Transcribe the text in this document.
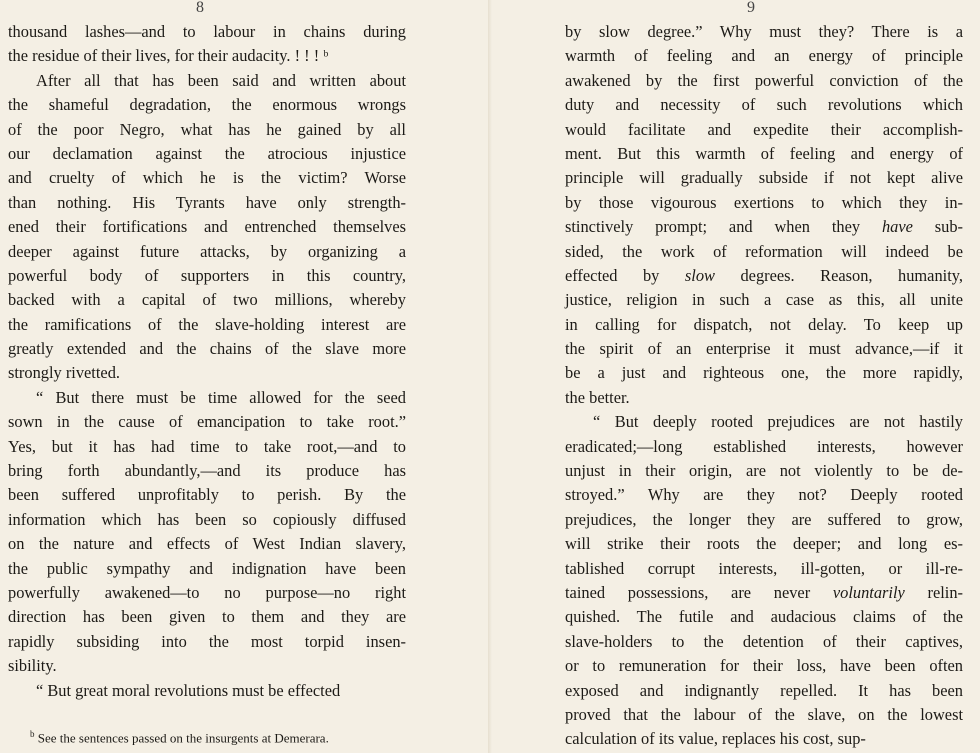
8
thousand lashes—and to labour in chains during
the residue of their lives, for their audacity. ! ! ! ᵇ
After all that has been said and written about
the shameful degradation, the enormous wrongs
of the poor Negro, what has he gained by all
our declamation against the atrocious injustice
and cruelty of which he is the victim? Worse
than nothing. His Tyrants have only strength-
ened their fortifications and entrenched themselves
deeper against future attacks, by organizing a
powerful body of supporters in this country,
backed with a capital of two millions, whereby
the ramifications of the slave-holding interest are
greatly extended and the chains of the slave more
strongly rivetted.
“ But there must be time allowed for the seed
sown in the cause of emancipation to take root.”
Yes, but it has had time to take root,—and to
bring forth abundantly,—and its produce has
been suffered unprofitably to perish. By the
information which has been so copiously diffused
on the nature and effects of West Indian slavery,
the public sympathy and indignation have been
powerfully awakened—to no purpose—no right
direction has been given to them and they are
rapidly subsiding into the most torpid insen-
sibility.
“ But great moral revolutions must be effected
$^b$ See the sentences passed on the insurgents at Demerara.
9
by slow degree.” Why must they? There is a
warmth of feeling and an energy of principle
awakened by the first powerful conviction of the
duty and necessity of such revolutions which
would facilitate and expedite their accomplish-
ment. But this warmth of feeling and energy of
principle will gradually subside if not kept alive
by those vigourous exertions to which they in-
stinctively prompt; and when they have sub-
sided, the work of reformation will indeed be
effected by slow degrees. Reason, humanity,
justice, religion in such a case as this, all unite
in calling for dispatch, not delay. To keep up
the spirit of an enterprise it must advance,—if it
be a just and righteous one, the more rapidly,
the better.
“ But deeply rooted prejudices are not hastily
eradicated;—long established interests, however
unjust in their origin, are not violently to be de-
stroyed.” Why are they not? Deeply rooted
prejudices, the longer they are suffered to grow,
will strike their roots the deeper; and long es-
tablished corrupt interests, ill-gotten, or ill-re-
tained possessions, are never voluntarily relin-
quished. The futile and audacious claims of the
slave-holders to the detention of their captives,
or to remuneration for their loss, have been often
exposed and indignantly repelled. It has been
proved that the labour of the slave, on the lowest
calculation of its value, replaces his cost, sup-
